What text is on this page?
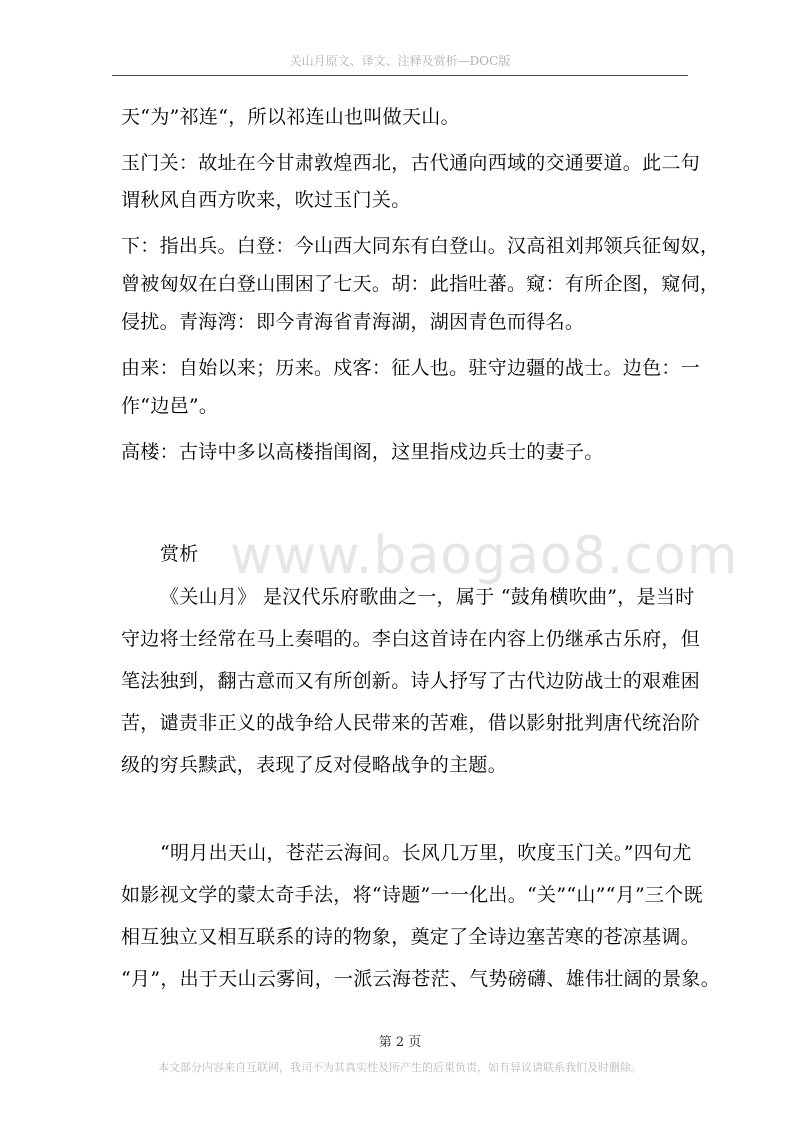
关山月原文、译文、注释及赏析—DOC版
www.baogao8.com
天“为”祁连“，所以祁连山也叫做天山。
玉门关：故址在今甘肃敦煌西北，古代通向西域的交通要道。此二句
谓秋风自西方吹来，吹过玉门关。
下：指出兵。白登：今山西大同东有白登山。汉高祖刘邦领兵征匈奴，
曾被匈奴在白登山围困了七天。胡：此指吐蕃。窥：有所企图，窥伺，
侵扰。青海湾：即今青海省青海湖，湖因青色而得名。
由来：自始以来；历来。戍客：征人也。驻守边疆的战士。边色：一
作“边邑”。
高楼：古诗中多以高楼指闺阁，这里指戍边兵士的妻子。
赏析
《关山月》 是汉代乐府歌曲之一，属于 “鼓角横吹曲”，是当时
守边将士经常在马上奏唱的。李白这首诗在内容上仍继承古乐府，但
笔法独到，翻古意而又有所创新。诗人抒写了古代边防战士的艰难困
苦，谴责非正义的战争给人民带来的苦难，借以影射批判唐代统治阶
级的穷兵黩武，表现了反对侵略战争的主题。
“明月出天山，苍茫云海间。长风几万里，吹度玉门关。”四句尤
如影视文学的蒙太奇手法，将“诗题”一一化出。“关”“山”“月”三个既
相互独立又相互联系的诗的物象，奠定了全诗边塞苦寒的苍凉基调。
“月”，出于天山云雾间，一派云海苍茫、气势磅礴、雄伟壮阔的景象。
第 2 页
本文部分内容来自互联网，我司不为其真实性及所产生的后果负责，如有异议请联系我们及时删除。
